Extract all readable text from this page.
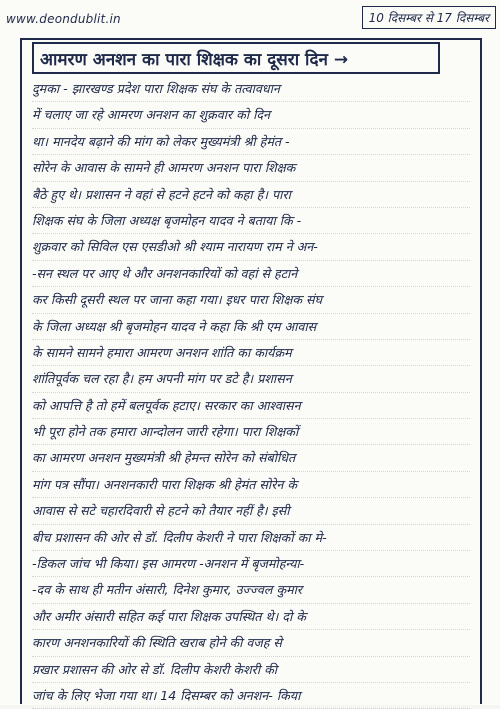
www.deondublit.in	10 दिसम्बर से 17 दिसम्बर
आमरण अनशन का पारा शिक्षक का दूसरा दिन →
दुमका - झारखण्ड प्रदेश पारा शिक्षक संघ के तत्वावधान
में चलाए जा रहे आमरण अनशन का शुक्रवार को दिन
था। मानदेय बढ़ाने की मांग को लेकर मुख्यमंत्री श्री हेमंत -
सोरेन के आवास के सामने ही आमरण अनशन पारा शिक्षक
बैठे हुए थे। प्रशासन ने वहां से हटने हटने को कहा है। पारा
शिक्षक संघ के जिला अध्यक्ष बृजमोहन यादव ने बताया कि -
शुक्रवार को सिविल एस एसडीओ श्री श्याम नारायण राम ने अन-
-सन स्थल पर आए थे और अनशनकारियों को वहां से हटाने
कर किसी दूसरी स्थल पर जाना कहा गया। इधर पारा शिक्षक संघ
के जिला अध्यक्ष श्री बृजमोहन यादव ने कहा कि श्री एम आवास
के सामने सामने हमारा आमरण अनशन शांति का कार्यक्रम
शांतिपूर्वक चल रहा है। हम अपनी मांग पर डटे है। प्रशासन
को आपत्ति है तो हमें बलपूर्वक हटाए। सरकार का आश्वासन
भी पूरा होने तक हमारा आन्दोलन जारी रहेगा। पारा शिक्षकों
का आमरण अनशन मुख्यमंत्री श्री हेमन्त सोरेन को संबोधित
मांग पत्र सौंपा। अनशनकारी पारा शिक्षक श्री हेमंत सोरेन के
आवास से सटे चहारदिवारी से हटने को तैयार नहीं है। इसी
बीच प्रशासन की ओर से डॉ. दिलीप केशरी ने पारा शिक्षकों का मे-
-डिकल जांच भी किया। इस आमरण -अनशन में बृजमोहन्या-
-दव के साथ ही मतीन अंसारी, दिनेश कुमार, उज्ज्वल कुमार
और अमीर अंसारी सहित कई पारा शिक्षक उपस्थित थे। दो के
कारण अनशनकारियों की स्थिति खराब होने की वजह से
प्रखार प्रशासन की ओर से डॉ. दिलीप केशरी केशरी की
जांच के लिए भेजा गया था। 14 दिसम्बर को अनशन- किया
